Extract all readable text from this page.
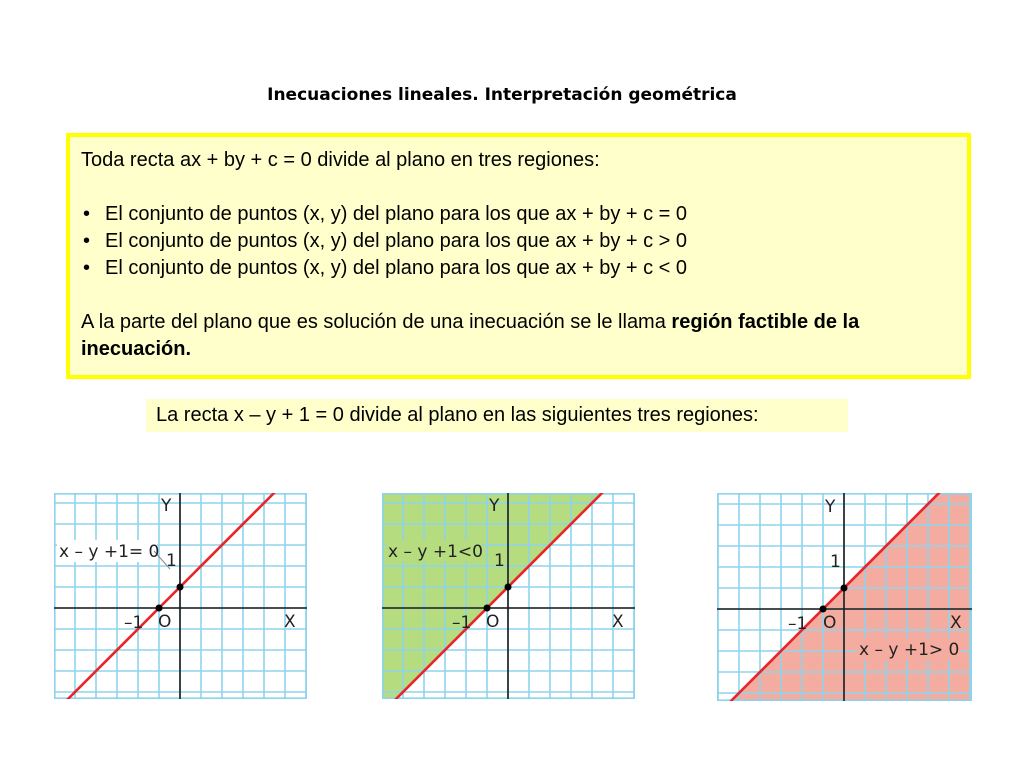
Inecuaciones lineales. Interpretación geométrica

Toda recta ax + by + c = 0 divide al plano en tres regiones:

• El conjunto de puntos (x, y) del plano para los que ax + by + c = 0

• El conjunto de puntos (x, y) del plano para los que ax + by + c > 0

• El conjunto de puntos (x, y) del plano para los que ax + by + c < 0

A la parte del plano que es solución de una inecuación se le llama región factible de la inecuación.

La recta x – y + 1 = 0 divide al plano en las siguientes tres regiones:
Y
X
O
1
–1
x – y +1= 0
Y
X
O
1
–1
x – y +1<0
Y
X
O
1
–1
x – y +1> 0
